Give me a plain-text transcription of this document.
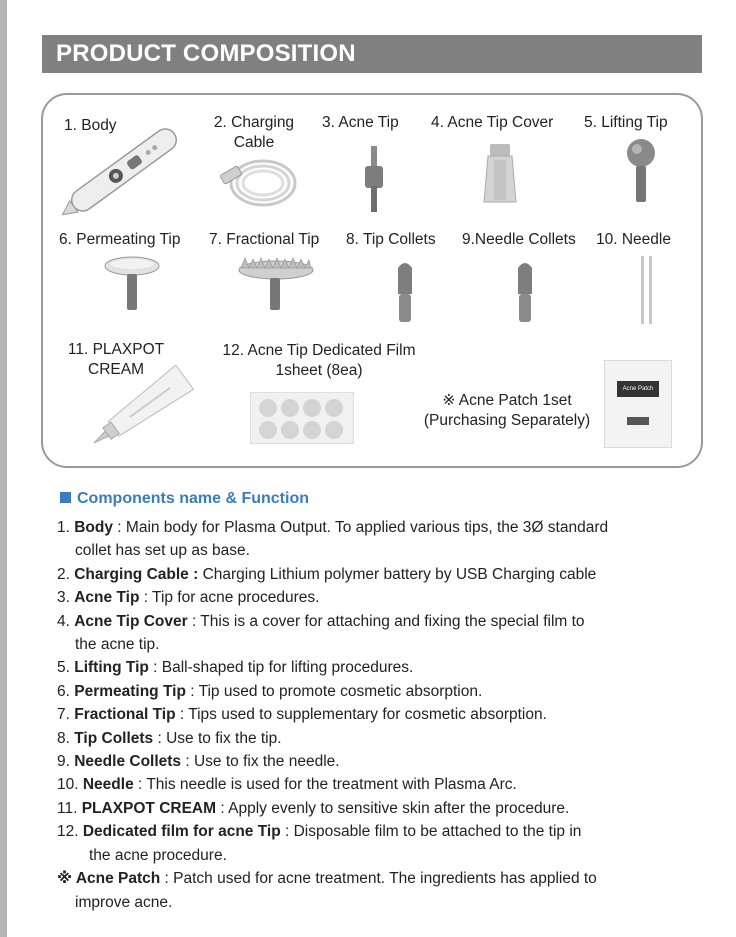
PRODUCT COMPOSITION
1. Body	2. Charging
Cable
3. Acne Tip 4. Acne Tip Cover 5. Lifting Tip
6. Permeating Tip 7. Fractional Tip 8. Tip Collets 9.Needle Collets 10. Needle
11. PLAXPOT
CREAM
12. Acne Tip Dedicated Film
1sheet (8ea)
※ Acne Patch 1set
(Purchasing Separately)
Acne Patch
Components name & Function
1. Body : Main body for Plasma Output. To applied various tips, the 3Ø standard
collet has set up as base.
2. Charging Cable : Charging Lithium polymer battery by USB Charging cable
3. Acne Tip : Tip for acne procedures.
4. Acne Tip Cover : This is a cover for attaching and fixing the special film to
the acne tip.
5. Lifting Tip : Ball-shaped tip for lifting procedures.
6. Permeating Tip : Tip used to promote cosmetic absorption.
7. Fractional Tip : Tips used to supplementary for cosmetic absorption.
8. Tip Collets : Use to fix the tip.
9. Needle Collets : Use to fix the needle.
10. Needle : This needle is used for the treatment with Plasma Arc.
11. PLAXPOT CREAM : Apply evenly to sensitive skin after the procedure.
12. Dedicated film for acne Tip : Disposable film to be attached to the tip in
the acne procedure.
※ Acne Patch : Patch used for acne treatment. The ingredients has applied to
improve acne.
